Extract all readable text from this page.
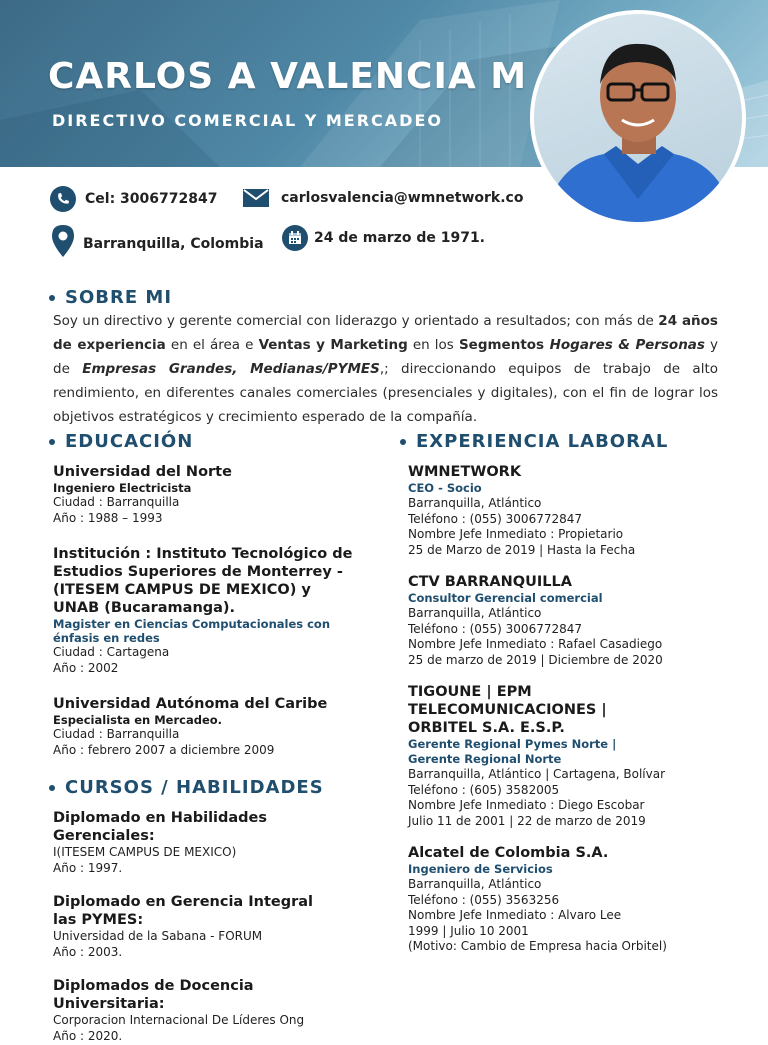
CARLOS A VALENCIA M
DIRECTIVO COMERCIAL Y MERCADEO
Cel: 3006772847	carlosvalencia@wmnetwork.co
Barranquilla, Colombia	24 de marzo de 1971.
SOBRE MI

Soy un directivo y gerente comercial con liderazgo y orientado a resultados; con más de 24 años de experiencia en el área e Ventas y Marketing en los Segmentos Hogares & Personas y de Empresas Grandes, Medianas/PYMES,; direccionando equipos de trabajo de alto rendimiento, en diferentes canales comerciales (presenciales y digitales), con el fin de lograr los objetivos estratégicos y crecimiento esperado de la compañía.

EDUCACIÓN
Universidad del Norte
Ingeniero Electricista
Ciudad : Barranquilla
Año : 1988 – 1993
Institución : Instituto Tecnológico de Estudios Superiores de Monterrey - (ITESEM CAMPUS DE MEXICO) y UNAB (Bucaramanga).
Magister en Ciencias Computacionales con énfasis en redes
Ciudad : Cartagena
Año : 2002
Universidad Autónoma del Caribe
Especialista en Mercadeo.
Ciudad : Barranquilla
Año : febrero 2007 a diciembre 2009
CURSOS / HABILIDADES
Diplomado en Habilidades Gerenciales:
I(ITESEM CAMPUS DE MEXICO)
Año : 1997.
Diplomado en Gerencia Integral las PYMES:
Universidad de la Sabana - FORUM
Año : 2003.
Diplomados de Docencia Universitaria:
Corporacion Internacional De Líderes Ong
Año : 2020.
EXPERIENCIA LABORAL
WMNETWORK
CEO - Socio
Barranquilla, Atlántico
Teléfono : (055) 3006772847
Nombre Jefe Inmediato : Propietario
25 de Marzo de 2019 | Hasta la Fecha
CTV BARRANQUILLA
Consultor Gerencial comercial
Barranquilla, Atlántico
Teléfono : (055) 3006772847
Nombre Jefe Inmediato : Rafael Casadiego
25 de marzo de 2019 | Diciembre de 2020
TIGOUNE | EPM TELECOMUNICACIONES | ORBITEL S.A. E.S.P.
Gerente Regional Pymes Norte | Gerente Regional Norte
Barranquilla, Atlántico | Cartagena, Bolívar
Teléfono : (605) 3582005
Nombre Jefe Inmediato : Diego Escobar
Julio 11 de 2001 | 22 de marzo de 2019
Alcatel de Colombia S.A.
Ingeniero de Servicios
Barranquilla, Atlántico
Teléfono : (055) 3563256
Nombre Jefe Inmediato : Alvaro Lee
1999 | Julio 10 2001
(Motivo: Cambio de Empresa hacia Orbitel)
